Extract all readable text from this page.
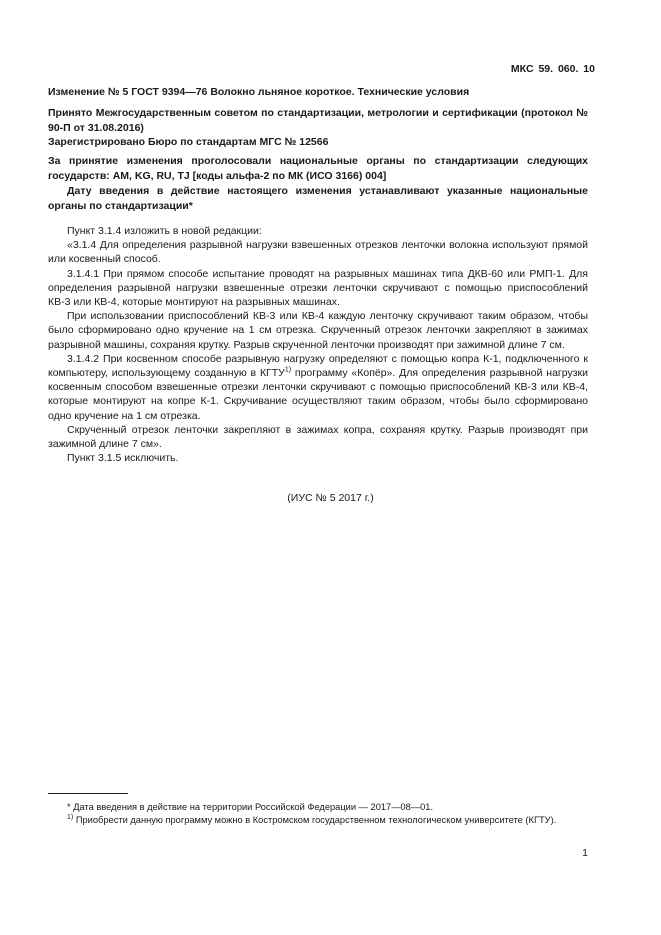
МКС 59. 060. 10
Изменение № 5 ГОСТ 9394—76 Волокно льняное короткое. Технические условия
Принято Межгосударственным советом по стандартизации, метрологии и сертификации (протокол № 90-П от 31.08.2016)
Зарегистрировано Бюро по стандартам МГС № 12566
За принятие изменения проголосовали национальные органы по стандартизации следующих государств: AM, KG, RU, TJ [коды альфа-2 по МК (ИСО 3166) 004]
Дату введения в действие настоящего изменения устанавливают указанные национальные органы по стандартизации*

Пункт 3.1.4 изложить в новой редакции:

«3.1.4 Для определения разрывной нагрузки взвешенных отрезков ленточки волокна используют прямой или косвенный способ.

3.1.4.1 При прямом способе испытание проводят на разрывных машинах типа ДКВ-60 или РМП-1. Для определения разрывной нагрузки взвешенные отрезки ленточки скручивают с помощью приспособлений КВ-3 или КВ-4, которые монтируют на разрывных машинах.

При использовании приспособлений КВ-3 или КВ-4 каждую ленточку скручивают таким образом, чтобы было сформировано одно кручение на 1 см отрезка. Скрученный отрезок ленточки закрепляют в зажимах разрывной машины, сохраняя крутку. Разрыв скрученной ленточки производят при зажимной длине 7 см.

3.1.4.2 При косвенном способе разрывную нагрузку определяют с помощью копра К-1, подключенного к компьютеру, использующему созданную в КГТУ$^{1)}$ программу «Копёр». Для определения разрывной нагрузки косвенным способом взвешенные отрезки ленточки скручивают с помощью приспособлений КВ-3 или КВ-4, которые монтируют на копре К-1. Скручивание осуществляют таким образом, чтобы было сформировано одно кручение на 1 см отрезка.

Скрученный отрезок ленточки закрепляют в зажимах копра, сохраняя крутку. Разрыв производят при зажимной длине 7 см».

Пункт 3.1.5 исключить.

(ИУС № 5 2017 г.)
* Дата введения в действие на территории Российской Федерации — 2017—08—01.
$^{1)}$ Приобрести данную программу можно в Костромском государственном технологическом университете (КГТУ).
1
